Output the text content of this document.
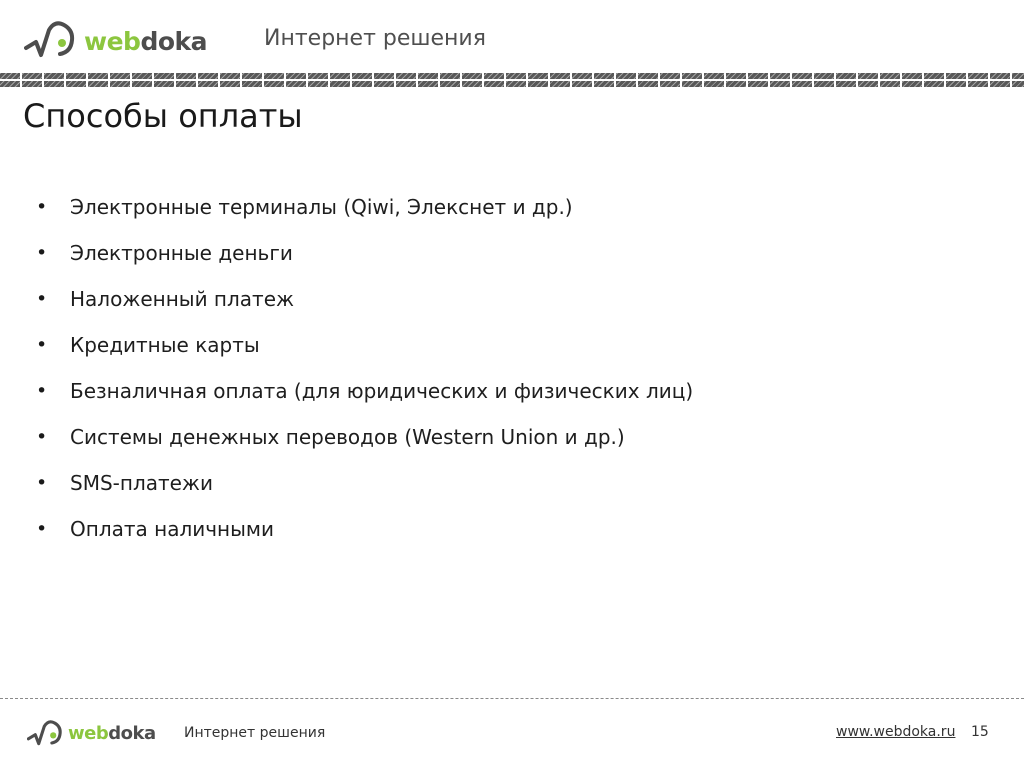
webdoka	Интернет решения
Способы оплаты
•	Электронные терминалы (Qiwi, Элекснет и др.)
•	Электронные деньги
•	Наложенный платеж
•	Кредитные карты
•	Безналичная оплата (для юридических и физических лиц)
•	Системы денежных переводов (Western Union и др.)
•	SMS-платежи
•	Оплата наличными
webdoka Интернет решения	www.webdoka.ru 15
